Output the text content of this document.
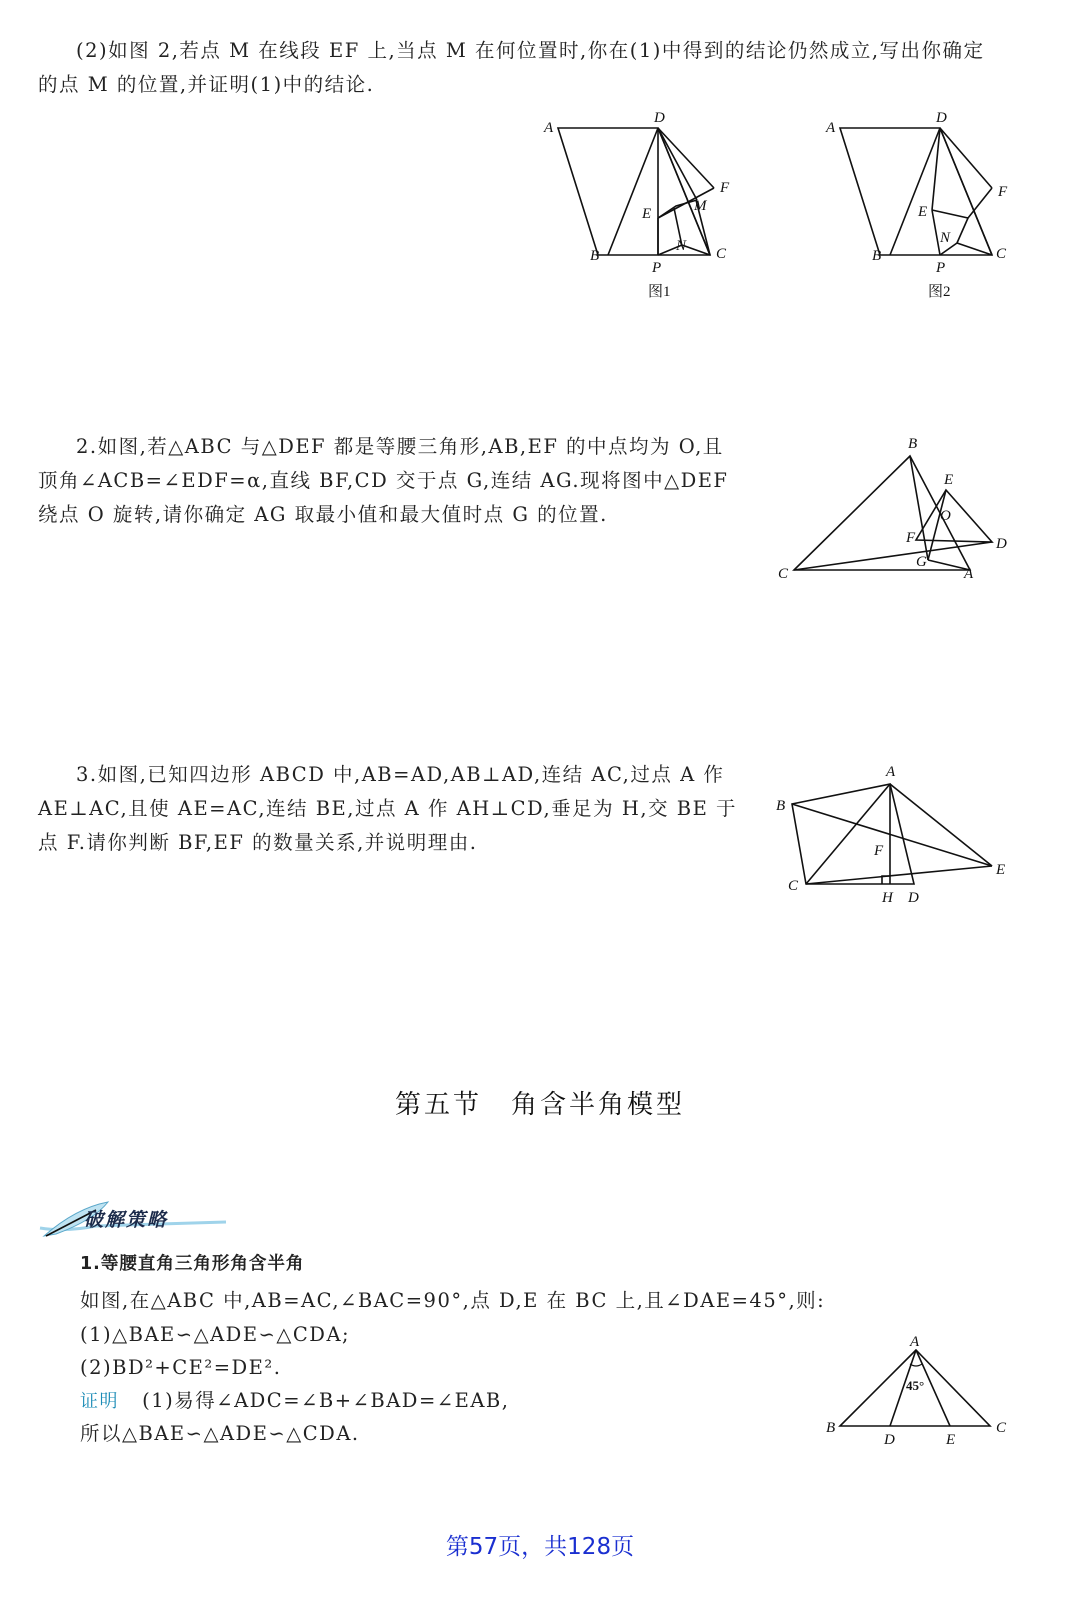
(2)如图 2,若点 M 在线段 EF 上,当点 M 在何位置时,你在(1)中得到的结论仍然成立,写出你确定
的点 M 的位置,并证明(1)中的结论.
A
D
F
E	M
N
B
P
C
图1
A
D
F
E
N
B
P
C
图2
2.如图,若△ABC 与△DEF 都是等腰三角形,AB,EF 的中点均为 O,且
顶角∠ACB=∠EDF=α,直线 BF,CD 交于点 G,连结 AG.现将图中△DEF
绕点 O 旋转,请你确定 AG 取最小值和最大值时点 G 的位置.
B
E
O
F	D
G
C	A
3.如图,已知四边形 ABCD 中,AB=AD,AB⊥AD,连结 AC,过点 A 作
AE⊥AC,且使 AE=AC,连结 BE,过点 A 作 AH⊥CD,垂足为 H,交 BE 于
点 F.请你判断 BF,EF 的数量关系,并说明理由.
A
B
F
E
C
H D
第五节　角含半角模型
破解策略
1.等腰直角三角形角含半角
如图,在△ABC 中,AB=AC,∠BAC=90°,点 D,E 在 BC 上,且∠DAE=45°,则:
(1)△BAE∽△ADE∽△CDA;
(2)BD²+CE²=DE².
证明 (1)易得∠ADC=∠B+∠BAD=∠EAB,
所以△BAE∽△ADE∽△CDA.
A
45°
B
D	E
C
第57页，共128页
